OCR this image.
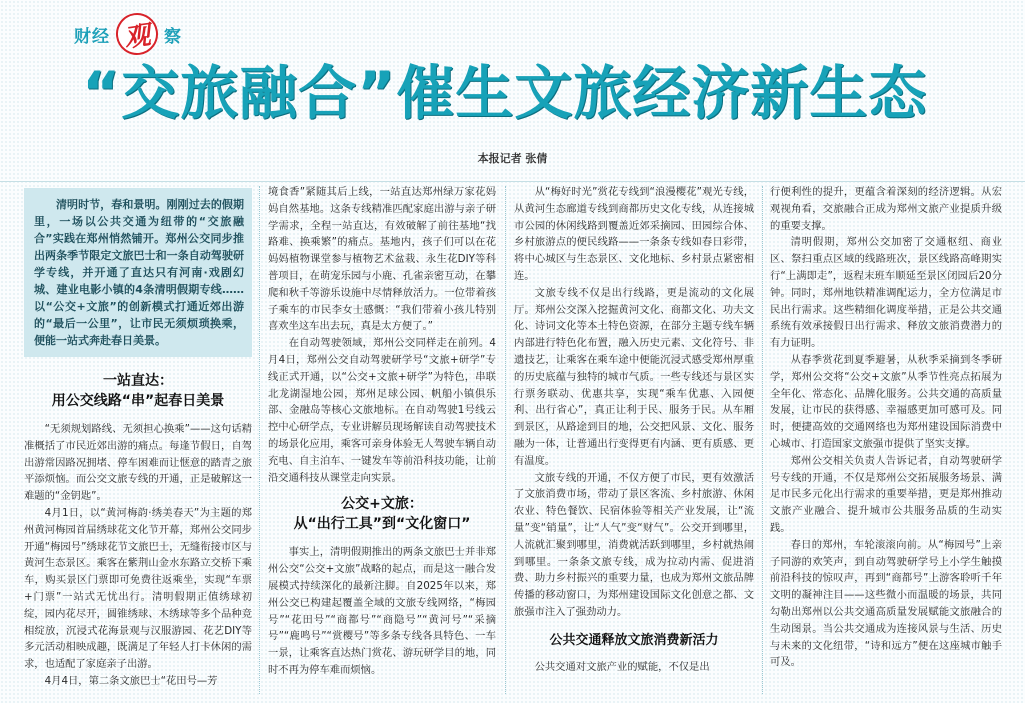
财经 观 察
“交旅融合”催生文旅经济新生态
本报记者 张倩

清明时节，春和景明。刚刚过去的假期里，一场以公共交通为纽带的“交旅融合”实践在郑州悄然铺开。郑州公交同步推出两条季节限定文旅巴士和一条自动驾驶研学专线，并开通了直达只有河南·戏剧幻城、建业电影小镇的4条清明假期专线……以“公交+文旅”的创新模式打通近郊出游的“最后一公里”，让市民无须烦琐换乘，便能一站式奔赴春日美景。

一站直达：
用公交线路“串”起春日美景

“无须规划路线、无须担心换乘”——这句话精准概括了市民近郊出游的痛点。每逢节假日，自驾出游常因路况拥堵、停车困难而让惬意的踏青之旅平添烦恼。而公交文旅专线的开通，正是破解这一难题的“金钥匙”。

4月1日，以“黄河梅韵·绣美春天”为主题的郑州黄河梅园首届绣球花文化节开幕，郑州公交同步开通“梅园号”绣球花节文旅巴士，无缝衔接市区与黄河生态景区。乘客在紫荆山金水东路立交桥下乘车，购买景区门票即可免费往返乘坐，实现“车票+门票”一站式无忧出行。清明假期正值绣球初绽，园内花尽开，圆锥绣球、木绣球等多个品种竞相绽放，沉浸式花海景观与汉服游园、花艺DIY等多元活动相映成趣，既满足了年轻人打卡休闲的需求，也适配了家庭亲子出游。

4月4日，第二条文旅巴士“花田号—芳

境食香”紧随其后上线，一站直达郑州绿万家花妈妈自然基地。这条专线精准匹配家庭出游与亲子研学需求，全程一站直达，有效破解了前往基地“找路难、换乘繁”的痛点。基地内，孩子们可以在花妈妈植物课堂参与植物艺术盆栽、永生花DIY等科普项目，在萌宠乐园与小鹿、孔雀亲密互动，在攀爬和秋千等游乐设施中尽情释放活力。一位带着孩子乘车的市民李女士感慨：“我们带着小孩儿特别喜欢坐这车出去玩，真是太方便了。”

在自动驾驶领域，郑州公交同样走在前列。4月4日，郑州公交自动驾驶研学号“文旅+研学”专线正式开通，以“公交+文旅+研学”为特色，串联北龙湖湿地公园，郑州足球公园、帆船小镇俱乐部、金融岛等核心文旅地标。在自动驾驶1号线云控中心研学点，专业讲解员现场解读自动驾驶技术的场景化应用，乘客可亲身体验无人驾驶车辆自动充电、自主泊车、一键发车等前沿科技功能，让前沿交通科技从课堂走向实景。

公交+文旅：
从“出行工具”到“文化窗口”

事实上，清明假期推出的两条文旅巴士并非郑州公交“公交+文旅”战略的起点，而是这一融合发展模式持续深化的最新注脚。自2025年以来，郑州公交已构建起覆盖全域的文旅专线网络，“梅园号”“花田号”“商都号”“商隐号”“黄河号”“采摘号”“鹿鸣号”“赏樱号”等多条专线各具特色、一车一景，让乘客直达热门赏花、游玩研学目的地，同时不再为停车难而烦恼。

从“梅好时光”赏花专线到“浪漫樱花”观光专线，从黄河生态廊道专线到商都历史文化专线，从连接城市公园的休闲线路到覆盖近郊采摘园、田园综合体、乡村旅游点的便民线路——一条条专线如春日彩带，将中心城区与生态景区、文化地标、乡村景点紧密相连。

文旅专线不仅是出行线路，更是流动的文化展厅。郑州公交深入挖掘黄河文化、商都文化、功夫文化、诗词文化等本土特色资源，在部分主题专线车辆内部进行特色化布置，融入历史元素、文化符号、非遗技艺，让乘客在乘车途中便能沉浸式感受郑州厚重的历史底蕴与独特的城市气质。一些专线还与景区实行票务联动、优惠共享，实现“乘车优惠、入园便利、出行省心”，真正让利于民、服务于民。从车厢到景区，从路途到目的地，公交把风景、文化、服务融为一体，让普通出行变得更有内涵、更有质感、更有温度。

文旅专线的开通，不仅方便了市民，更有效激活了文旅消费市场，带动了景区客流、乡村旅游、休闲农业、特色餐饮、民宿体验等相关产业发展，让“流量”变“销量”，让“人气”变“财气”。公交开到哪里，人流就汇聚到哪里，消费就活跃到哪里，乡村就热闹到哪里。一条条文旅专线，成为拉动内需、促进消费、助力乡村振兴的重要力量，也成为郑州文旅品牌传播的移动窗口，为郑州建设国际文化创意之都、文旅强市注入了强劲动力。

公共交通释放文旅消费新活力

公共交通对文旅产业的赋能，不仅是出

行便利性的提升，更蕴含着深刻的经济逻辑。从宏观视角看，交旅融合正成为郑州文旅产业提质升级的重要支撑。

清明假期，郑州公交加密了交通枢纽、商业区、祭扫重点区域的线路班次，景区线路高峰期实行“上满即走”，返程末班车顺延至景区闭园后20分钟。同时，郑州地铁精准调配运力，全方位满足市民出行需求。这些精细化调度举措，正是公共交通系统有效承接假日出行需求、释放文旅消费潜力的有力证明。

从春季赏花到夏季避暑，从秋季采摘到冬季研学，郑州公交将“公交+文旅”从季节性亮点拓展为全年化、常态化、品牌化服务。公共交通的高质量发展，让市民的获得感、幸福感更加可感可及。同时，便捷高效的交通网络也为郑州建设国际消费中心城市、打造国家文旅强市提供了坚实支撑。

郑州公交相关负责人告诉记者，自动驾驶研学号专线的开通，不仅是郑州公交拓展服务场景、满足市民多元化出行需求的重要举措，更是郑州推动文旅产业融合、提升城市公共服务品质的生动实践。

春日的郑州，车轮滚滚向前。从“梅园号”上亲子同游的欢笑声，到自动驾驶研学号上小学生触摸前沿科技的惊叹声，再到“商都号”上游客聆听千年文明的凝神注目——这些微小而温暖的场景，共同勾勒出郑州以公共交通高质量发展赋能文旅融合的生动图景。当公共交通成为连接风景与生活、历史与未来的文化纽带，“诗和远方”便在这座城市触手可及。
